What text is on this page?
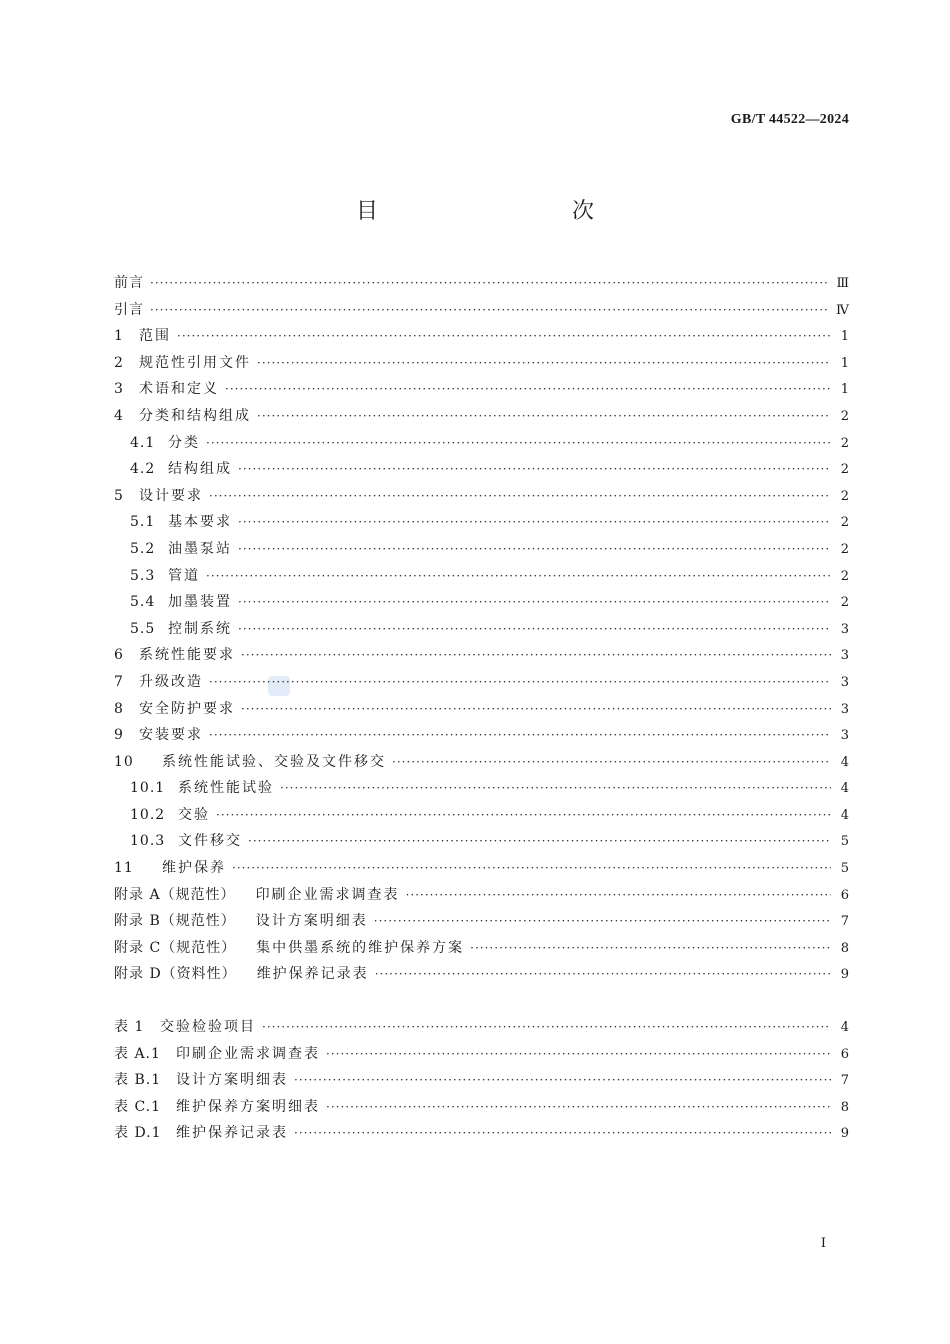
GB/T 44522—2024
目　　次
前言 ·····	Ⅲ
引言 ·····	Ⅳ
1	范围 ·····	1
2	规范性引用文件 ·····	1
3	术语和定义 ·····	1
4	分类和结构组成 ·····	2
4.1 分类 ·····	2
4.2 结构组成 ·····	2
5	设计要求 ·····	2
5.1 基本要求 ·····	2
5.2 油墨泵站 ·····	2
5.3 管道 ·····	2
5.4 加墨装置 ·····	2
5.5 控制系统 ·····	3
6	系统性能要求 ·····	3
7	升级改造 ·····	3
8	安全防护要求 ·····	3
9	安装要求 ·····	3
10	系统性能试验、交验及文件移交 ·····	4
10.1 系统性能试验 ·····	4
10.2 交验 ·····	4
10.3 文件移交 ·····	5
11	维护保养 ·····	5
附录 A（规范性） 印刷企业需求调查表 ·····	6
附录 B（规范性） 设计方案明细表 ·····	7
附录 C（规范性） 集中供墨系统的维护保养方案 ·····	8
附录 D（资料性） 维护保养记录表 ·····	9
表 1	交验检验项目 ·····	4
表 A.1	印刷企业需求调查表 ·····	6
表 B.1	设计方案明细表 ·····	7
表 C.1	维护保养方案明细表 ·····	8
表 D.1	维护保养记录表 ·····	9
Ⅰ
